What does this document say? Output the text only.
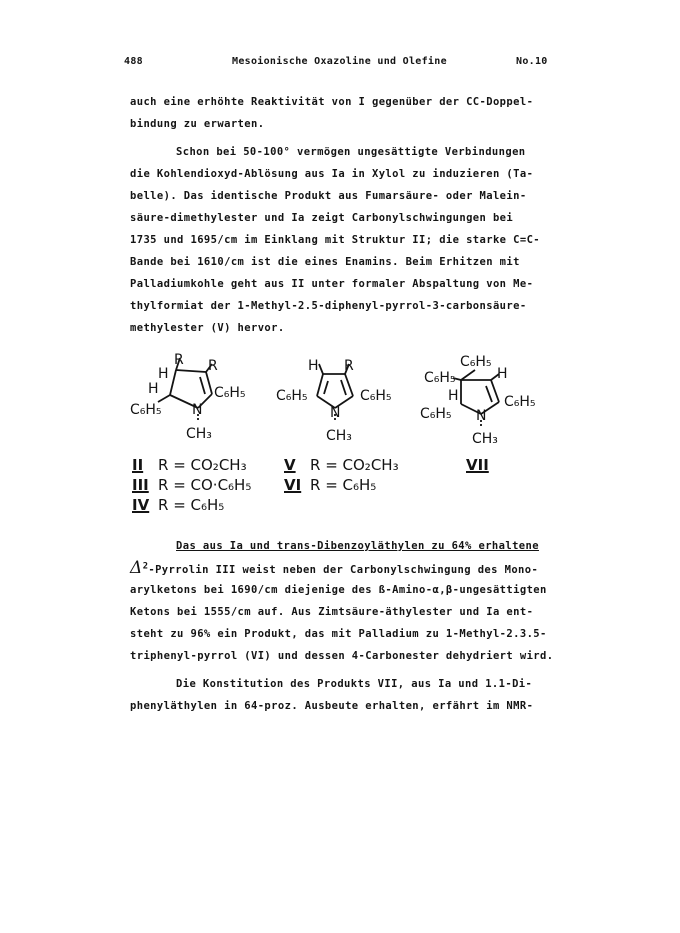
488	Mesoionische Oxazoline und Olefine	No.10
auch eine erhöhte Reaktivität von I gegenüber der CC-Doppel-
bindung zu erwarten.
Schon bei 50-100° vermögen ungesättigte Verbindungen
die Kohlendioxyd-Ablösung aus Ia in Xylol zu induzieren (Ta-
belle). Das identische Produkt aus Fumarsäure- oder Malein-
säure-dimethylester und Ia zeigt Carbonylschwingungen bei
1735 und 1695/cm im Einklang mit Struktur II; die starke C=C-
Bande bei 1610/cm ist die eines Enamins. Beim Erhitzen mit
Palladiumkohle geht aus II unter formaler Abspaltung von Me-
thylformiat der 1-Methyl-2.5-diphenyl-pyrrol-3-carbonsäure-
methylester (V) hervor.
R R
H
H	C₆H₅
C₆H₅ N
CH₃
H R
C₆H₅	C₆H₅
N
CH₃
C₆H₅
C₆H₅	H
H	C₆H₅
C₆H₅ N
CH₃
II R = CO₂CH₃
III R = CO·C₆H₅
IV R = C₆H₅
V R = CO₂CH₃
VI R = C₆H₅
VII
Das aus Ia und trans-Dibenzoyläthylen zu 64% erhaltene
$\Delta^2$-Pyrrolin III weist neben der Carbonylschwingung des Mono-
arylketons bei 1690/cm diejenige des ß-Amino-α,β-ungesättigten
Ketons bei 1555/cm auf. Aus Zimtsäure-äthylester und Ia ent-
steht zu 96% ein Produkt, das mit Palladium zu 1-Methyl-2.3.5-
triphenyl-pyrrol (VI) und dessen 4-Carbonester dehydriert wird.
Die Konstitution des Produkts VII, aus Ia und 1.1-Di-
phenyläthylen in 64-proz. Ausbeute erhalten, erfährt im NMR-
